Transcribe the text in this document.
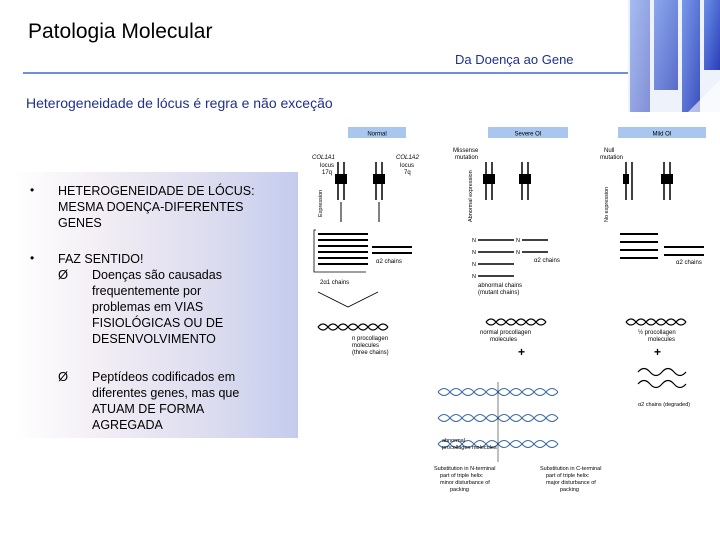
Patologia Molecular
Da Doença ao Gene
Heterogeneidade de lócus é regra e não exceção
• HETEROGENEIDADE DE LÓCUS:
MESMA DOENÇA-DIFERENTES
GENES
• FAZ SENTIDO!
Ø Doenças são causadas
frequentemente por
problemas em VIAS
FISIOLÓGICAS OU DE
DESENVOLVIMENTO
Ø Peptídeos codificados em
diferentes genes, mas que
ATUAM DE FORMA
AGREGADA
Normal	Severe OI	Mild OI
COL1A1
locus
17q
COL1A2
locus
7q
Expression
α2 chains
2α1 chains
n procollagen
molecules
(three chains)
Missense
mutation
Abnormal expression
N
N
N
N
N
N
α2 chains
abnormal chains
(mutant chains)
normal procollagen
molecules
+
abnormal
procollagen molecules
Substitution in N-terminal
part of triple helix:
minor disturbance of
packing
Substitution in C-terminal
part of triple helix:
major disturbance of
packing
Null
mutation
No expression
α2 chains
½ procollagen
molecules
+
α2 chains (degraded)
